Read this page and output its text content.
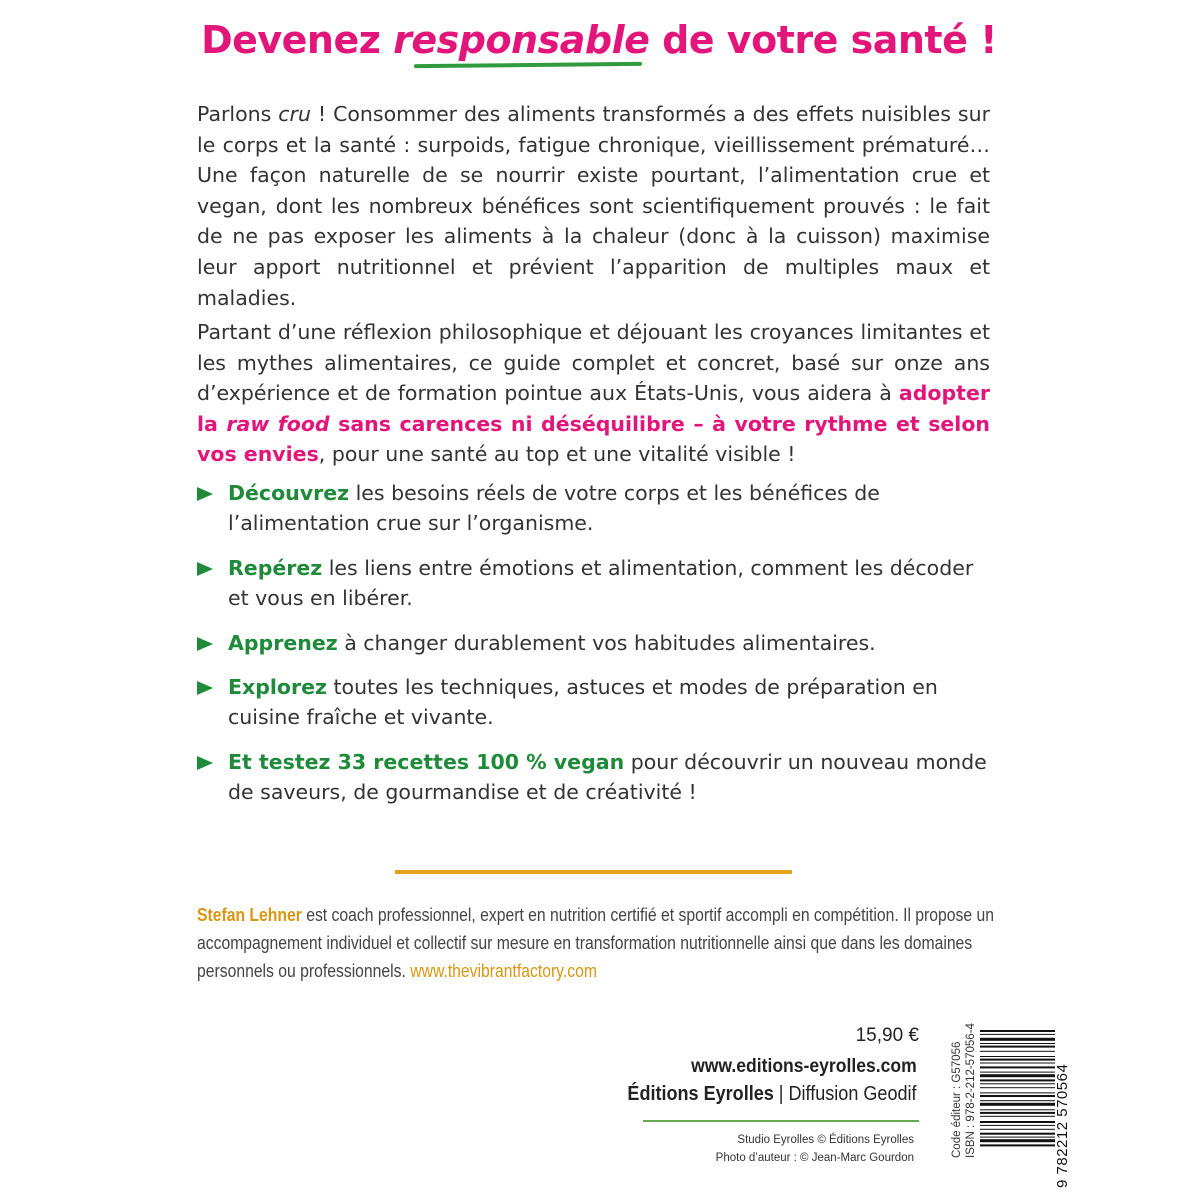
Devenez responsable de votre santé !
Parlons cru ! Consommer des aliments transformés a des effets nuisibles sur le corps et la santé : surpoids, fatigue chronique, vieillissement prématuré… Une façon naturelle de se nourrir existe pourtant, l’alimentation crue et vegan, dont les nombreux bénéfices sont scientifiquement prouvés : le fait de ne pas exposer les aliments à la chaleur (donc à la cuisson) maximise leur apport nutritionnel et prévient l’apparition de multiples maux et maladies.
Partant d’une réflexion philosophique et déjouant les croyances limitantes et les mythes alimentaires, ce guide complet et concret, basé sur onze ans d’expérience et de formation pointue aux États-Unis, vous aidera à adopter la raw food sans carences ni déséquilibre – à votre rythme et selon vos envies, pour une santé au top et une vitalité visible !
Découvrez les besoins réels de votre corps et les bénéfices de l’alimentation crue sur l’organisme.
Repérez les liens entre émotions et alimentation, comment les décoder et vous en libérer.
Apprenez à changer durablement vos habitudes alimentaires.
Explorez toutes les techniques, astuces et modes de préparation en cuisine fraîche et vivante.
Et testez 33 recettes 100 % vegan pour découvrir un nouveau monde de saveurs, de gourmandise et de créativité !
Stefan Lehner est coach professionnel, expert en nutrition certifié et sportif accompli en compétition. Il propose un accompagnement individuel et collectif sur mesure en transformation nutritionnelle ainsi que dans les domaines personnels ou professionnels. www.thevibrantfactory.com
15,90 €
www.editions-eyrolles.com
Éditions Eyrolles | Diffusion Geodif
Studio Eyrolles © Éditions Eyrolles
Photo d’auteur : © Jean-Marc Gourdon	Code éditeur : G57056 ISBN : 978-2-212-57056-4	9 782212 570564
